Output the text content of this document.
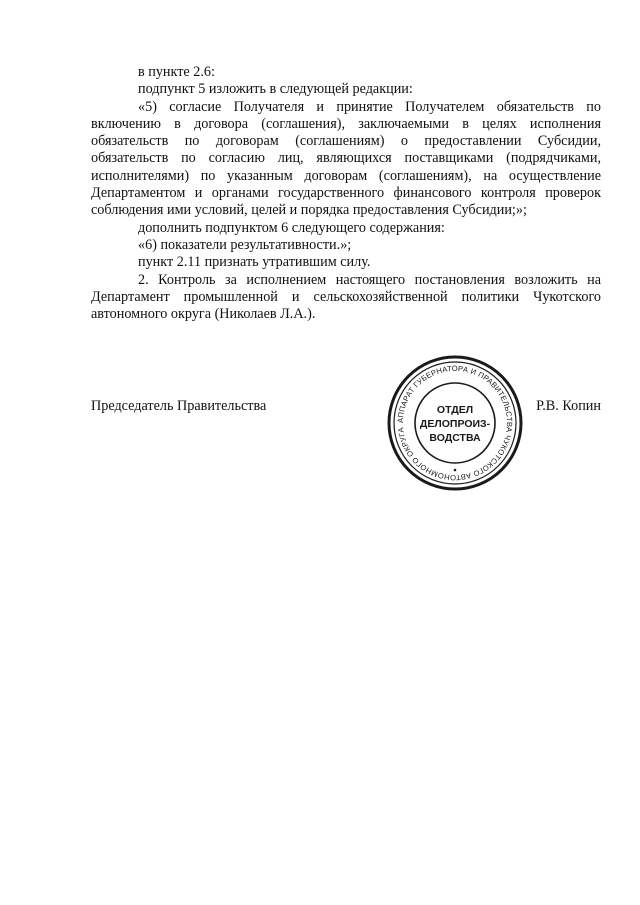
в пункте 2.6:

подпункт 5 изложить в следующей редакции:

«5) согласие Получателя и принятие Получателем обязательств по включению в договора (соглашения), заключаемыми в целях исполнения обязательств по договорам (соглашениям) о предоставлении Субсидии, обязательств по согласию лиц, являющихся поставщиками (подрядчиками, исполнителями) по указанным договорам (соглашениям), на осуществление Департаментом и органами государственного финансового контроля проверок соблюдения ими условий, целей и порядка предоставления Субсидии;»;

дополнить подпунктом 6 следующего содержания:

«6) показатели результативности.»;

пункт 2.11 признать утратившим силу.

2. Контроль за исполнением настоящего постановления возложить на Департамент промышленной и сельскохозяйственной политики Чукотского автономного округа (Николаев Л.А.).

Председатель Правительства	Р.В. Копин
АППАРАТ ГУБЕРНАТОРА И ПРАВИТЕЛЬСТВА ЧУКОТСКОГО АВТОНОМНОГО ОКРУГА
ОТДЕЛ
ДЕЛОПРОИЗ-
ВОДСТВА
